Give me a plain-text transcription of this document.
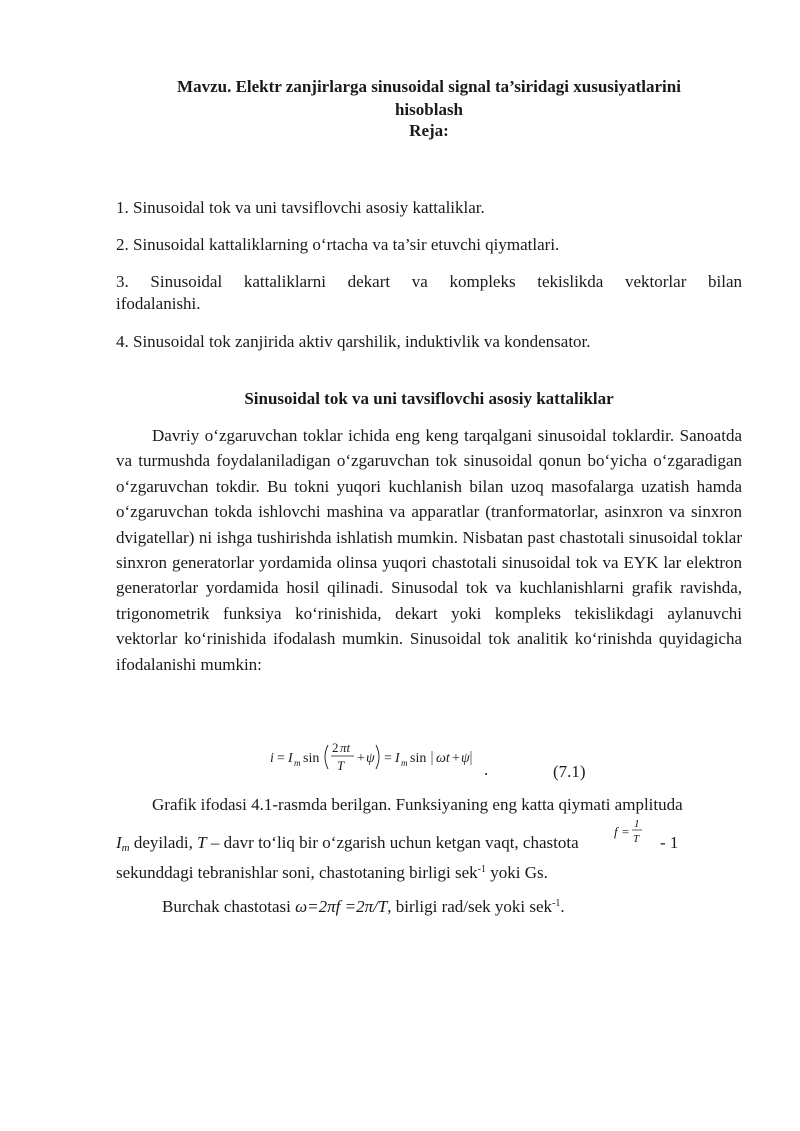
Mavzu. Elektr zanjirlarga sinusoidal signal ta’siridagi xususiyatlarini
hisoblash
Reja:
1. Sinusoidal tok va uni tavsiflovchi asosiy kattaliklar.
2. Sinusoidal kattaliklarning o‘rtacha va ta’sir etuvchi qiymatlari.
3. Sinusoidal kattaliklarni dekart va kompleks tekislikda vektorlar bilan
ifodalanishi.
4. Sinusoidal tok zanjirida aktiv qarshilik, induktivlik va kondensator.
Sinusoidal tok va uni tavsiflovchi asosiy kattaliklar
Davriy o‘zgaruvchan toklar ichida eng keng tarqalgani sinusoidal toklardir. Sanoatda va turmushda foydalaniladigan o‘zgaruvchan tok sinusoidal qonun bo‘yicha o‘zgaradigan o‘zgaruvchan tokdir. Bu tokni yuqori kuchlanish bilan uzoq masofalarga uzatish hamda o‘zgaruvchan tokda ishlovchi mashina va apparatlar (tranformatorlar, asinxron va sinxron dvigatellar) ni ishga tushirishda ishlatish mumkin. Nisbatan past chastotali sinusoidal toklar sinxron generatorlar yordamida olinsa yuqori chastotali sinusoidal tok va EYK lar elektron generatorlar yordamida hosil qilinadi. Sinusodal tok va kuchlanishlarni grafik ravishda, trigonometrik funksiya ko‘rinishida, dekart yoki kompleks tekislikdagi aylanuvchi vektorlar ko‘rinishida ifodalash mumkin. Sinusoidal tok analitik ko‘rinishda quyidagicha ifodalanishi mumkin:
i = I m sin
2 πt
T + ψ = I m sin ωt + ψ
.	(7.1)
Grafik ifodasi 4.1-rasmda berilgan. Funksiyaning eng katta qiymati amplituda
$I_m$ deyiladi, T – davr to‘liq bir o‘zgarish uchun ketgan vaqt, chastota
f = 1
T - 1
sekunddagi tebranishlar soni, chastotaning birligi sek$^{-1}$ yoki Gs.
Burchak chastotasi ω=2πf =2π/T, birligi rad/sek yoki sek$^{-1}$.
